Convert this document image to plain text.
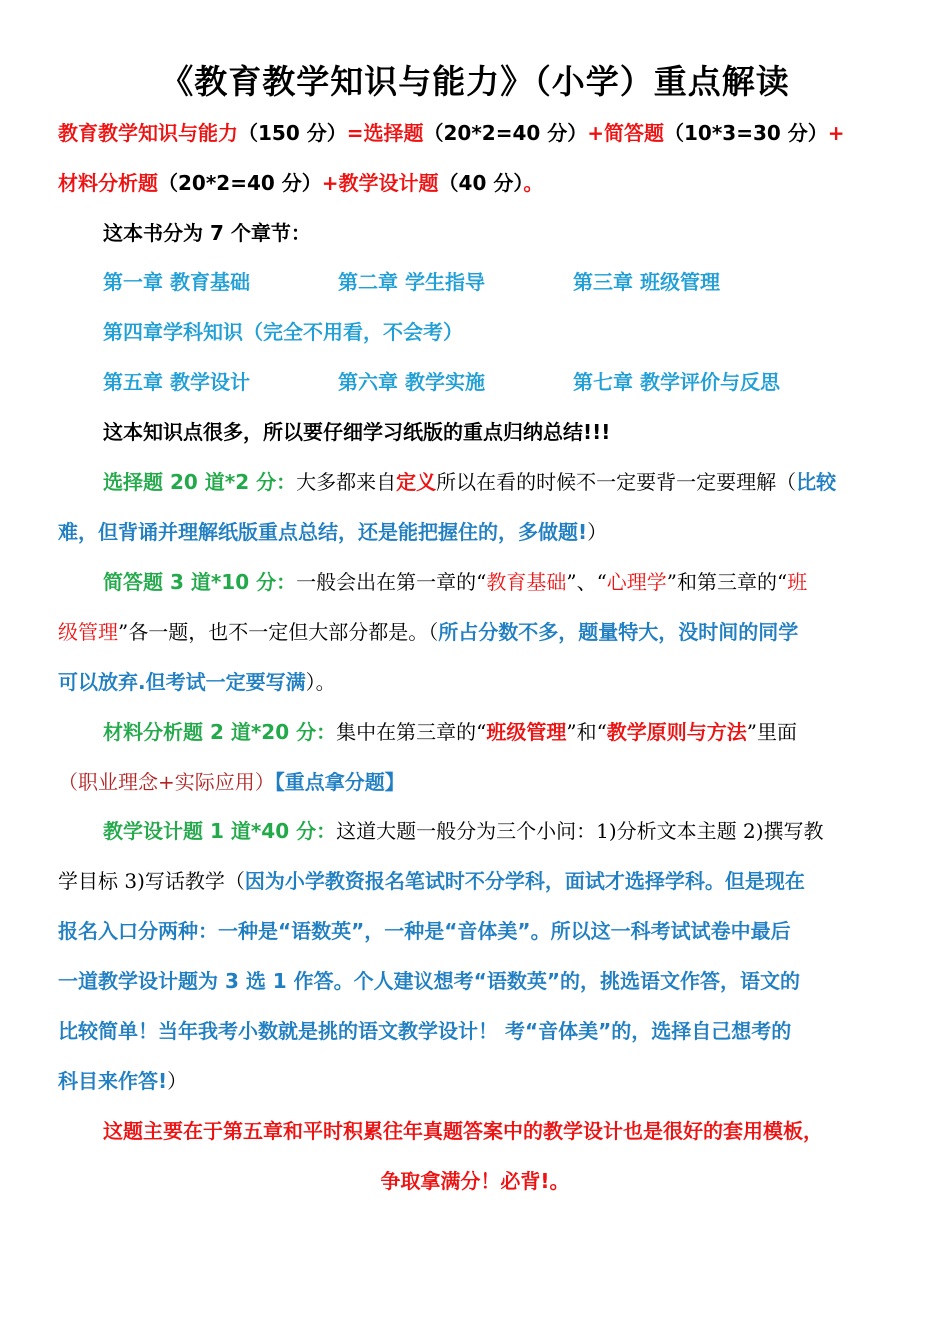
《教育教学知识与能力》（小学）重点解读
教育教学知识与能力（150 分）=选择题（20*2=40 分）+简答题（10*3=30 分）+
材料分析题（20*2=40 分）+教学设计题（40 分）。
这本书分为 7 个章节：
第一章 教育基础	第二章 学生指导	第三章 班级管理
第四章学科知识（完全不用看，不会考）
第五章 教学设计	第六章 教学实施	第七章 教学评价与反思
这本知识点很多，所以要仔细学习纸版的重点归纳总结!!!
选择题 20 道*2 分：大多都来自定义所以在看的时候不一定要背一定要理解（比较
难，但背诵并理解纸版重点总结，还是能把握住的，多做题!）
简答题 3 道*10 分：一般会出在第一章的“教育基础”、“心理学”和第三章的“班
级管理”各一题，也不一定但大部分都是。（所占分数不多，题量特大，没时间的同学
可以放弃.但考试一定要写满）。
材料分析题 2 道*20 分：集中在第三章的“班级管理”和“教学原则与方法”里面
（职业理念+实际应用）【重点拿分题】
教学设计题 1 道*40 分：这道大题一般分为三个小问：1)分析文本主题 2)撰写教
学目标 3)写话教学（因为小学教资报名笔试时不分学科，面试才选择学科。但是现在
报名入口分两种：一种是“语数英”，一种是“音体美”。所以这一科考试试卷中最后
一道教学设计题为 3 选 1 作答。个人建议想考“语数英”的，挑选语文作答，语文的
比较简单！当年我考小数就是挑的语文教学设计！ 考“音体美”的，选择自己想考的
科目来作答!）
这题主要在于第五章和平时积累往年真题答案中的教学设计也是很好的套用模板，
争取拿满分！必背!。
